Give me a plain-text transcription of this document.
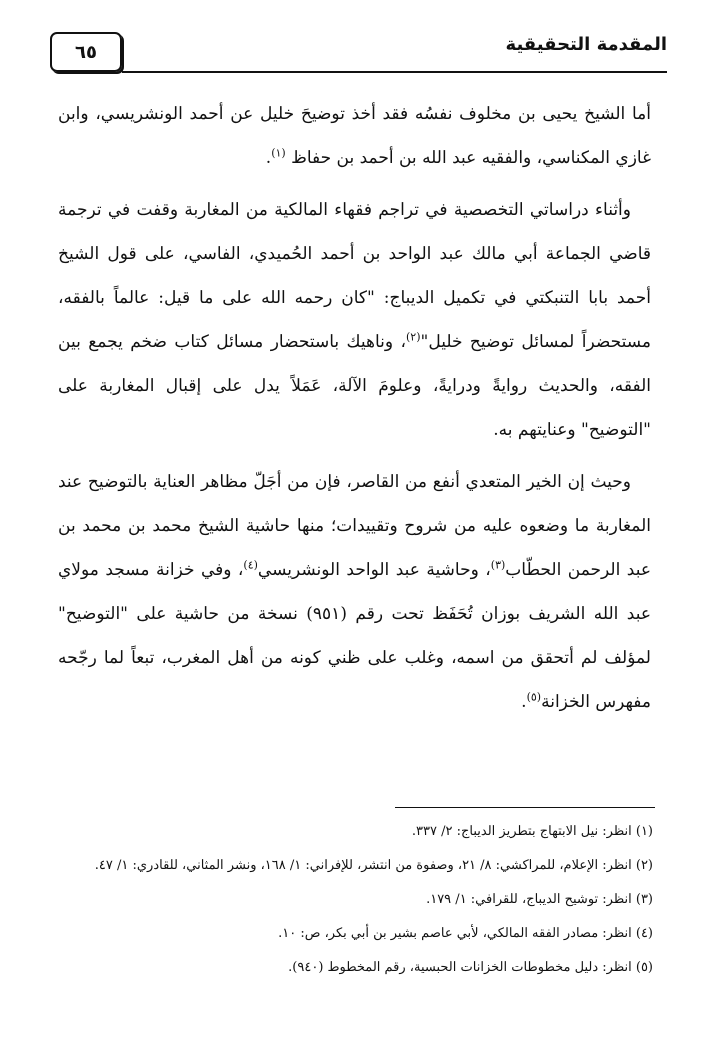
المقدمة التحقيقية
٦٥

أما الشيخ يحيى بن مخلوف نفسُه فقد أخذ توضيحَ خليل عن أحمد الونشريسي، وابن غازي المكناسي، والفقيه عبد الله بن أحمد بن حفاظ $^{(١)}$.

وأثناء دراساتي التخصصية في تراجم فقهاء المالكية من المغاربة وقفت في ترجمة قاضي الجماعة أبي مالك عبد الواحد بن أحمد الحُميدي، الفاسي، على قول الشيخ أحمد بابا التنبكتي في تكميل الديباج: "كان رحمه الله على ما قيل: عالماً بالفقه، مستحضراً لمسائل توضيح خليل"$^{(٢)}$، وناهيك باستحضار مسائل كتاب ضخم يجمع بين الفقه، والحديث روايةً ودرايةً، وعلومَ الآلة، عَمَلاً يدل على إقبال المغاربة على "التوضيح" وعنايتهم به.

وحيث إن الخير المتعدي أنفع من القاصر، فإن من أجَلّ مظاهر العناية بالتوضيح عند المغاربة ما وضعوه عليه من شروح وتقييدات؛ منها حاشية الشيخ محمد بن محمد بن عبد الرحمن الحطّاب$^{(٣)}$، وحاشية عبد الواحد الونشريسي$^{(٤)}$، وفي خزانة مسجد مولاي عبد الله الشريف بوزان تُحَفَظ تحت رقم (٩٥١) نسخة من حاشية على "التوضيح" لمؤلف لم أتحقق من اسمه، وغلب على ظني كونه من أهل المغرب، تبعاً لما رجّحه مفهرس الخزانة$^{(٥)}$.

(١) انظر: نيل الابتهاج بتطريز الديباج: ٢/ ٣٣٧.

(٢) انظر: الإعلام، للمراكشي: ٨/ ٢١، وصفوة من انتشر، للإفراني: ١/ ١٦٨، ونشر المثاني، للقادري: ١/ ٤٧.

(٣) انظر: توشيح الديباج، للقرافي: ١/ ١٧٩.

(٤) انظر: مصادر الفقه المالكي، لأبي عاصم بشير بن أبي بكر، ص: ١٠.

(٥) انظر: دليل مخطوطات الخزانات الحبسية، رقم المخطوط (٩٤٠).
